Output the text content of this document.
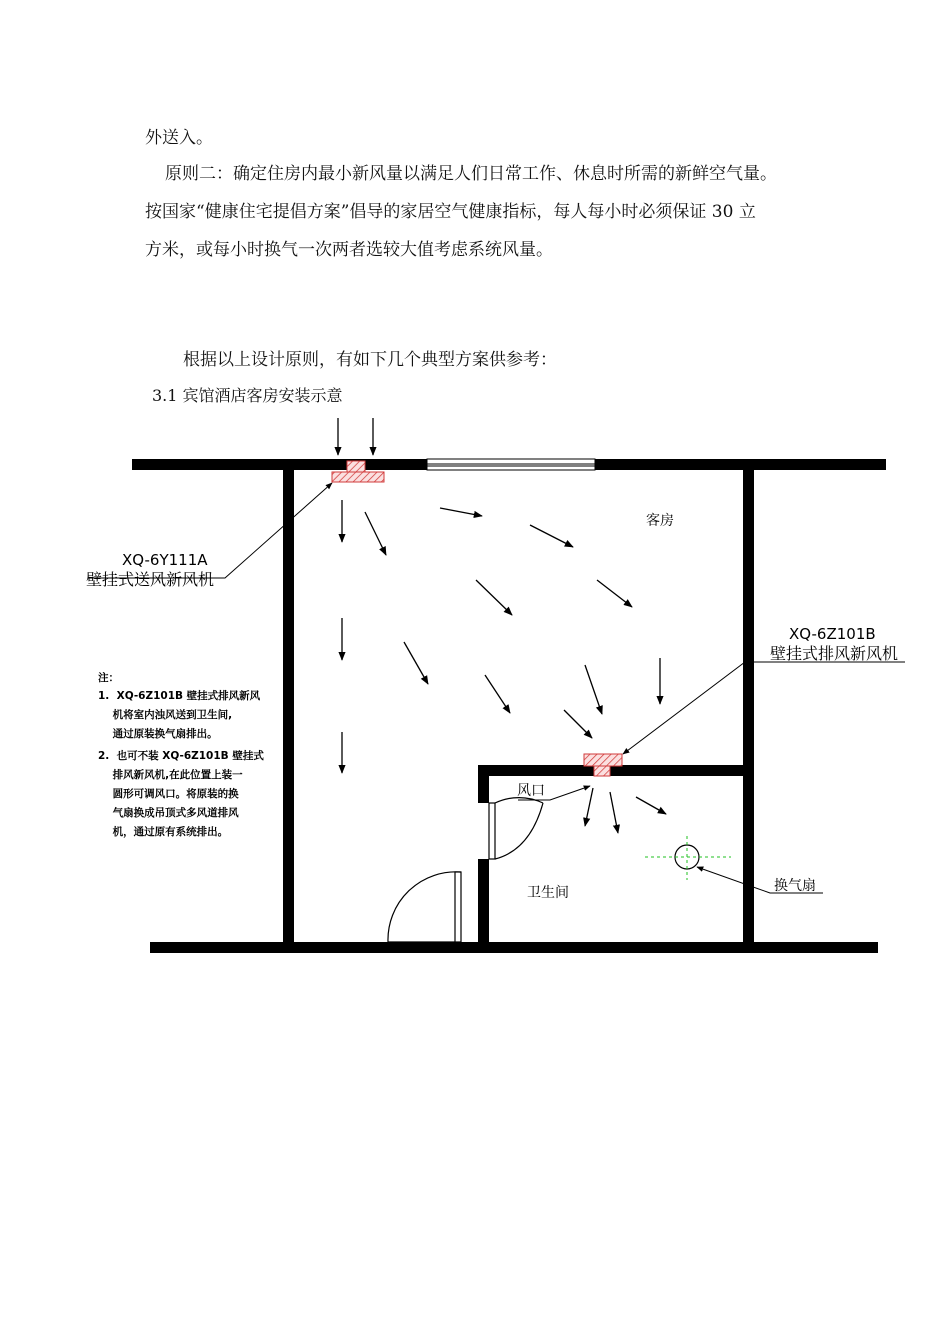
外送入。
原则二：确定住房内最小新风量以满足人们日常工作、休息时所需的新鲜空气量。
按国家“健康住宅提倡方案”倡导的家居空气健康指标，每人每小时必须保证 30 立
方米，或每小时换气一次两者选较大值考虑系统风量。
根据以上设计原则，有如下几个典型方案供参考：
3.1 宾馆酒店客房安装示意
XQ-6Y111A
壁挂式送风新风机
XQ-6Z101B
壁挂式排风新风机
客房
卫生间
风口
换气扇
注：
1.  XQ-6Z101B 壁挂式排风新风
机将室内浊风送到卫生间,
通过原装换气扇排出。
2.  也可不装 XQ-6Z101B 壁挂式
排风新风机,在此位置上装一
圆形可调风口。将原装的换
气扇换成吊顶式多风道排风
机，通过原有系统排出。
